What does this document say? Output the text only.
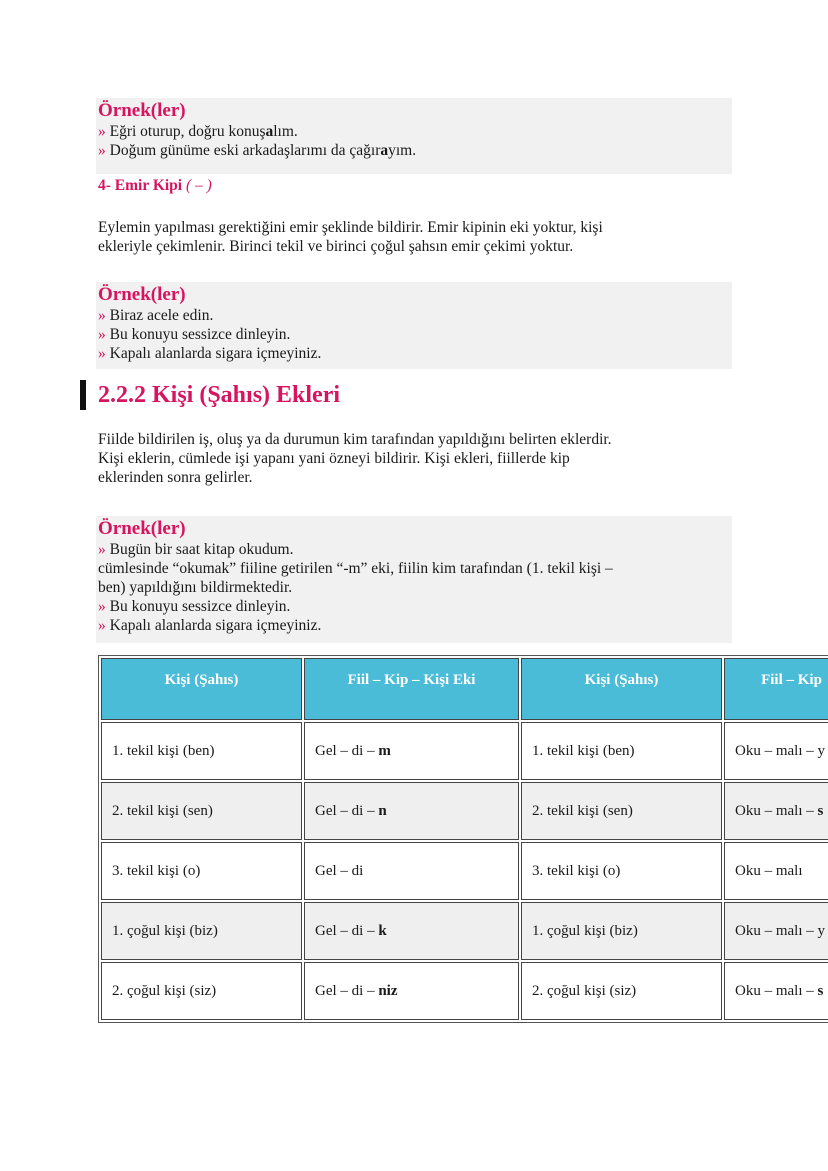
Örnek(ler)
» Eğri oturup, doğru konuşalım.
» Doğum günüme eski arkadaşlarımı da çağırayım.
4- Emir Kipi ( – )
Eylemin yapılması gerektiğini emir şeklinde bildirir. Emir kipinin eki yoktur, kişi
ekleriyle çekimlenir. Birinci tekil ve birinci çoğul şahsın emir çekimi yoktur.
Örnek(ler)
» Biraz acele edin.
» Bu konuyu sessizce dinleyin.
» Kapalı alanlarda sigara içmeyiniz.
2.2.2 Kişi (Şahıs) Ekleri
Fiilde bildirilen iş, oluş ya da durumun kim tarafından yapıldığını belirten eklerdir.
Kişi eklerin, cümlede işi yapanı yani özneyi bildirir. Kişi ekleri, fiillerde kip
eklerinden sonra gelirler.
Örnek(ler)
» Bugün bir saat kitap okudum.
cümlesinde “okumak” fiiline getirilen “-m” eki, fiilin kim tarafından (1. tekil kişi –
ben) yapıldığını bildirmektedir.
» Bu konuyu sessizce dinleyin.
» Kapalı alanlarda sigara içmeyiniz.
Kişi (Şahıs)	Fiil – Kip – Kişi Eki	Kişi (Şahıs)	Fiil – Kip
1. tekil kişi (ben)	Gel – di – m	1. tekil kişi (ben)	Oku – malı – y
2. tekil kişi (sen)	Gel – di – n	2. tekil kişi (sen)	Oku – malı – s
3. tekil kişi (o)	Gel – di	3. tekil kişi (o)	Oku – malı
1. çoğul kişi (biz)	Gel – di – k	1. çoğul kişi (biz)	Oku – malı – y
2. çoğul kişi (siz)	Gel – di – niz	2. çoğul kişi (siz)	Oku – malı – s
